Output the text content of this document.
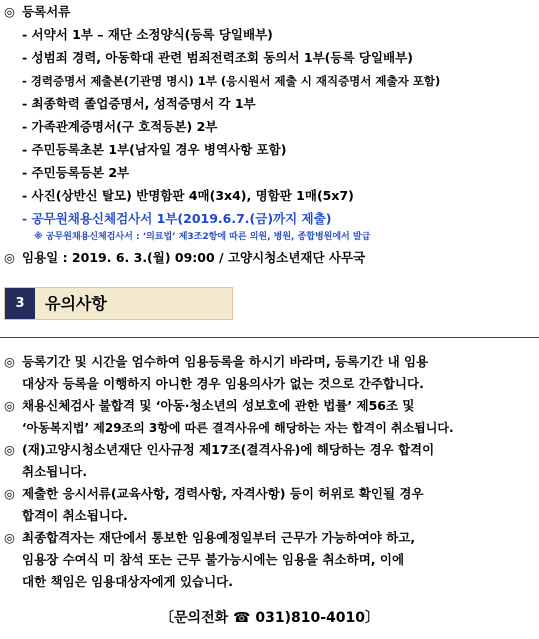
◎ 등록서류
- 서약서 1부 – 재단 소정양식(등록 당일배부)
- 성범죄 경력, 아동학대 관련 범죄전력조회 동의서 1부(등록 당일배부)
- 경력증명서 제출본(기관명 명시) 1부 (응시원서 제출 시 재직증명서 제출자 포함)
- 최종학력 졸업증명서, 성적증명서 각 1부
- 가족관계증명서(구 호적등본) 2부
- 주민등록초본 1부(남자일 경우 병역사항 포함)
- 주민등록등본 2부
- 사진(상반신 탈모) 반명함판 4매(3x4), 명함판 1매(5x7)
- 공무원채용신체검사서 1부(2019.6.7.(금)까지 제출)
※ 공무원채용신체검사서 : ‘의료법’ 제3조2항에 따른 의원, 병원, 종합병원에서 발급
◎ 임용일 : 2019. 6. 3.(월) 09:00 / 고양시청소년재단 사무국
3	유의사항
◎ 등록기간 및 시간을 엄수하여 임용등록을 하시기 바라며, 등록기간 내 임용
대상자 등록을 이행하지 아니한 경우 임용의사가 없는 것으로 간주합니다.
◎ 채용신체검사 불합격 및 ‘아동·청소년의 성보호에 관한 법률’ 제56조 및
‘아동복지법’ 제29조의 3항에 따른 결격사유에 해당하는 자는 합격이 취소됩니다.
◎ (재)고양시청소년재단 인사규정 제17조(결격사유)에 해당하는 경우 합격이
취소됩니다.
◎ 제출한 응시서류(교육사항, 경력사항, 자격사항) 등이 허위로 확인될 경우
합격이 취소됩니다.
◎ 최종합격자는 재단에서 통보한 임용예정일부터 근무가 가능하여야 하고,
임용장 수여식 미 참석 또는 근무 불가능시에는 임용을 취소하며, 이에
대한 책임은 임용대상자에게 있습니다.
〔문의전화 ☎ 031)810-4010〕
